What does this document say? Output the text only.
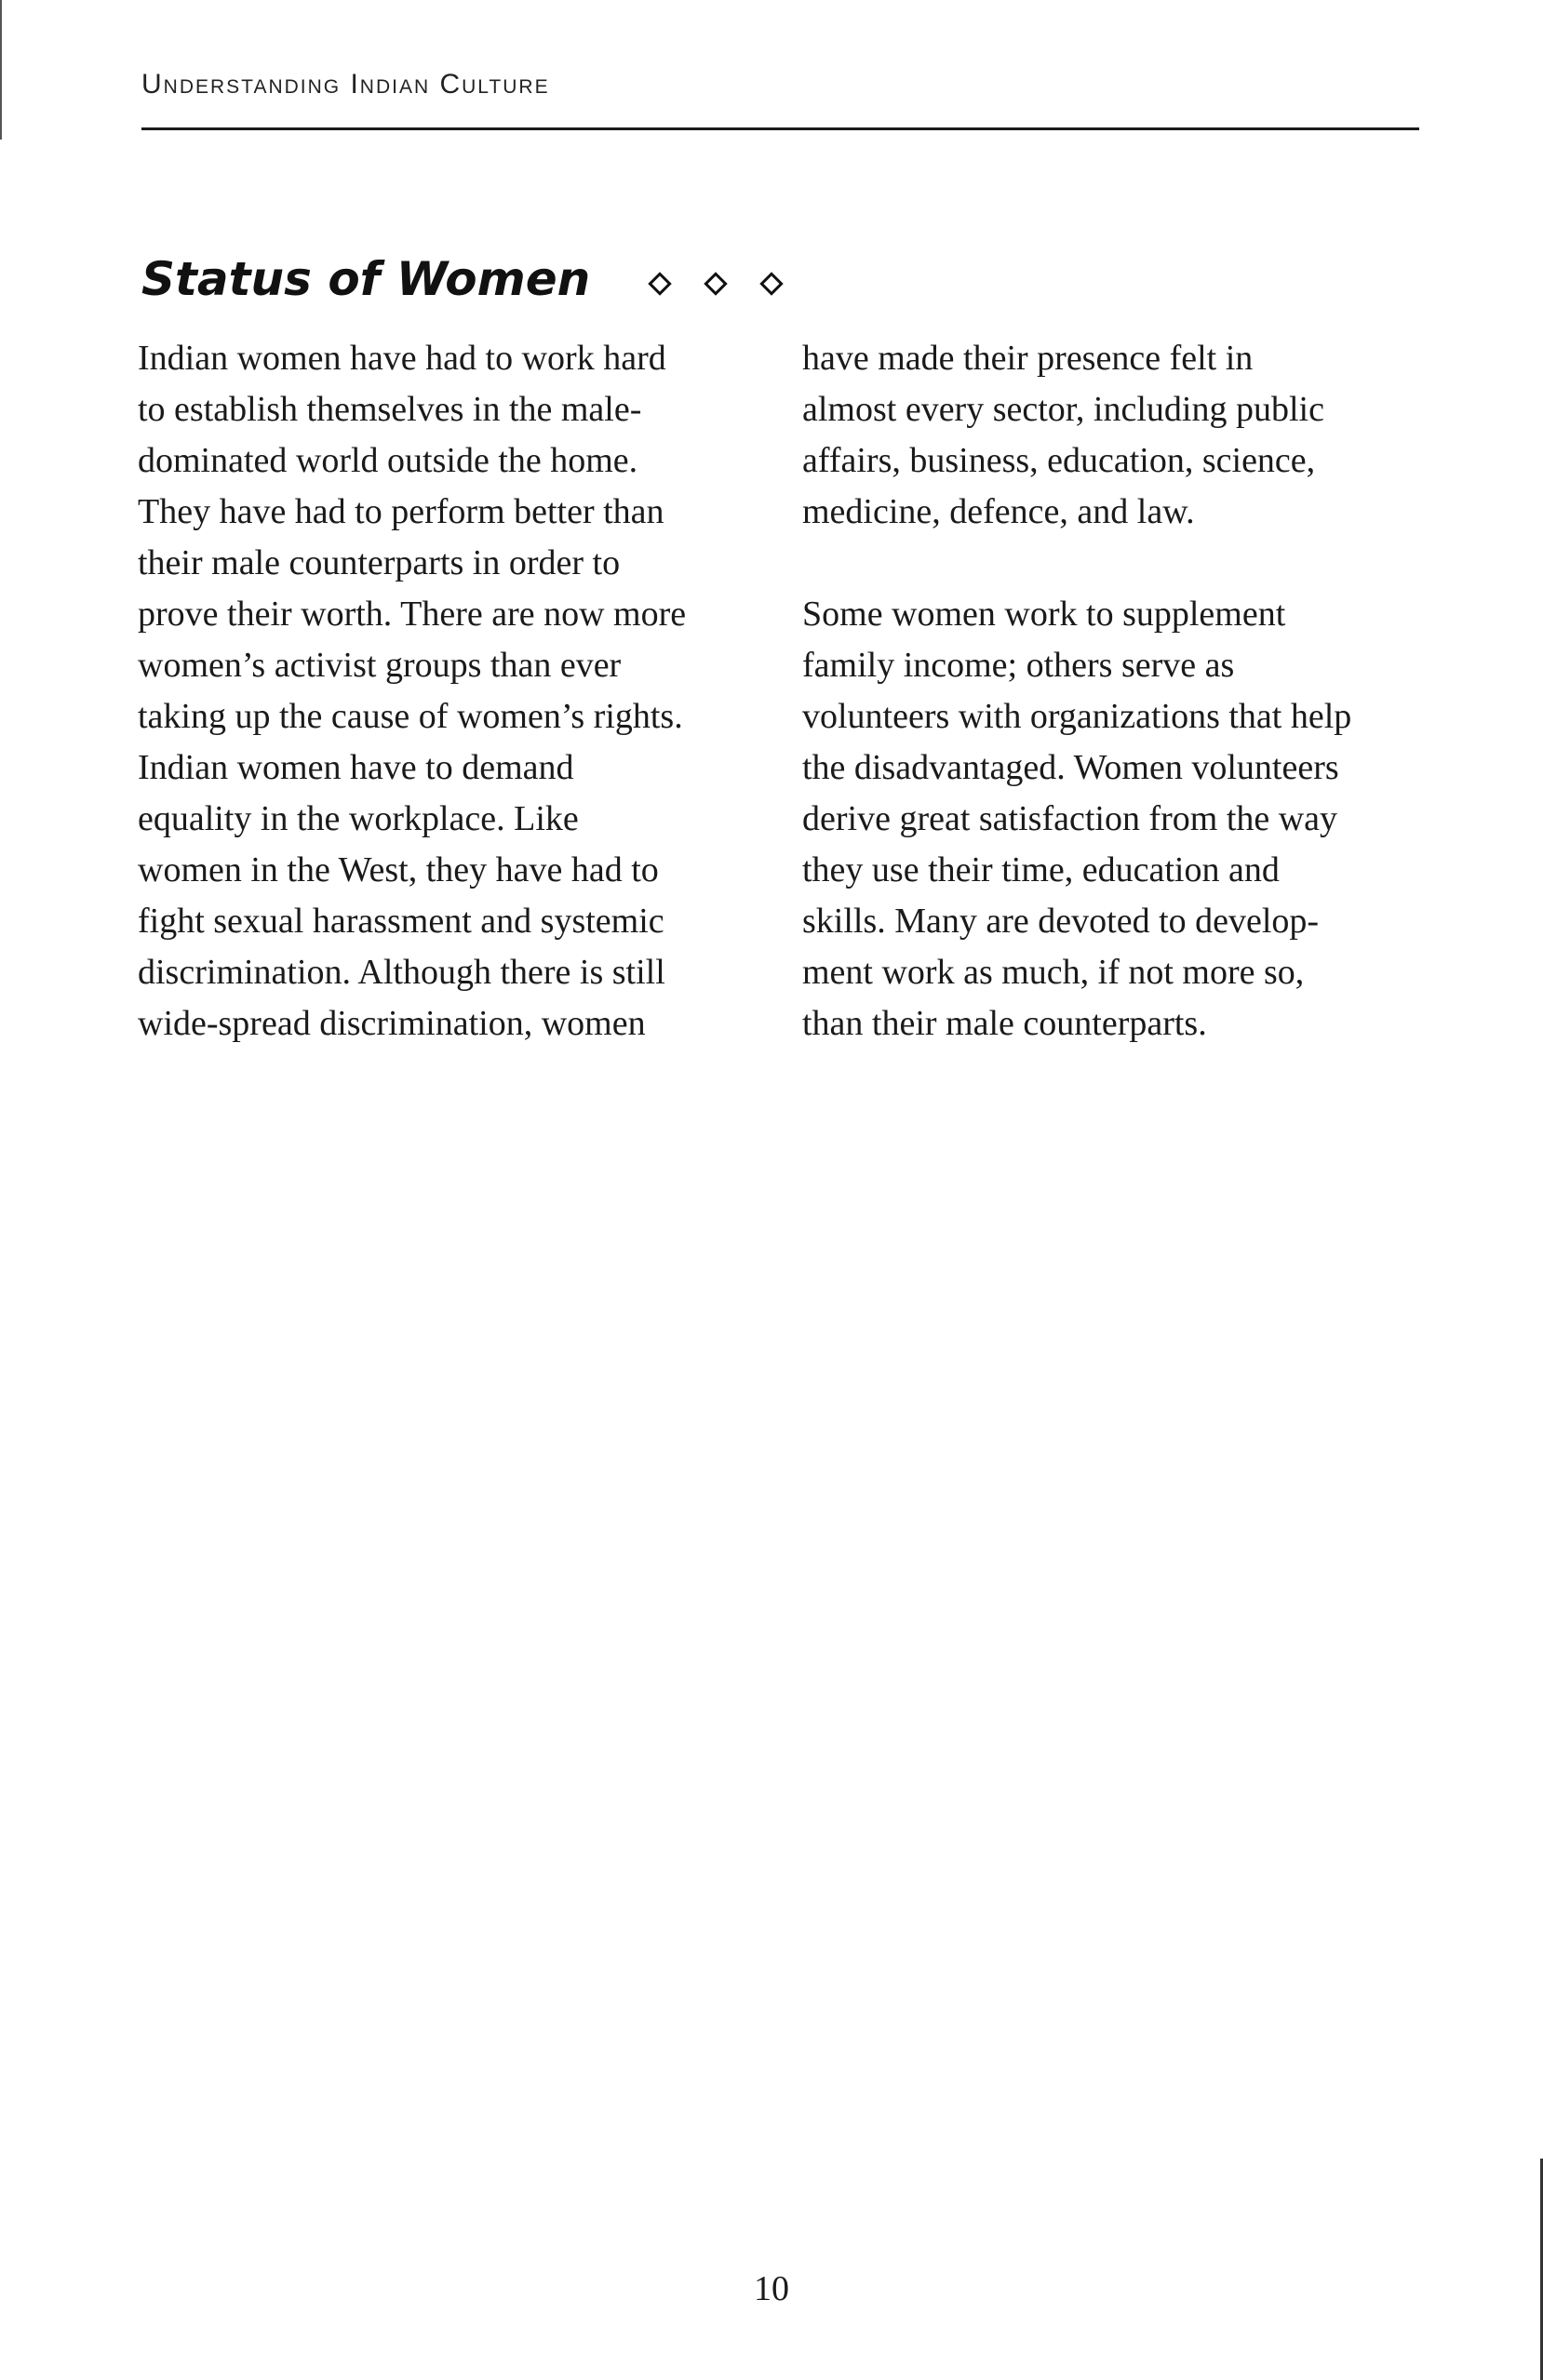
Understanding Indian Culture
Status of Women
Indian women have had to work hard
to establish themselves in the male-
dominated world outside the home.
They have had to perform better than
their male counterparts in order to
prove their worth. There are now more
women’s activist groups than ever
taking up the cause of women’s rights.
Indian women have to demand
equality in the workplace. Like
women in the West, they have had to
fight sexual harassment and systemic
discrimination. Although there is still
wide-spread discrimination, women
have made their presence felt in
almost every sector, including public
affairs, business, education, science,
medicine, defence, and law.
Some women work to supplement
family income; others serve as
volunteers with organizations that help
the disadvantaged. Women volunteers
derive great satisfaction from the way
they use their time, education and
skills. Many are devoted to develop-
ment work as much, if not more so,
than their male counterparts.
10
